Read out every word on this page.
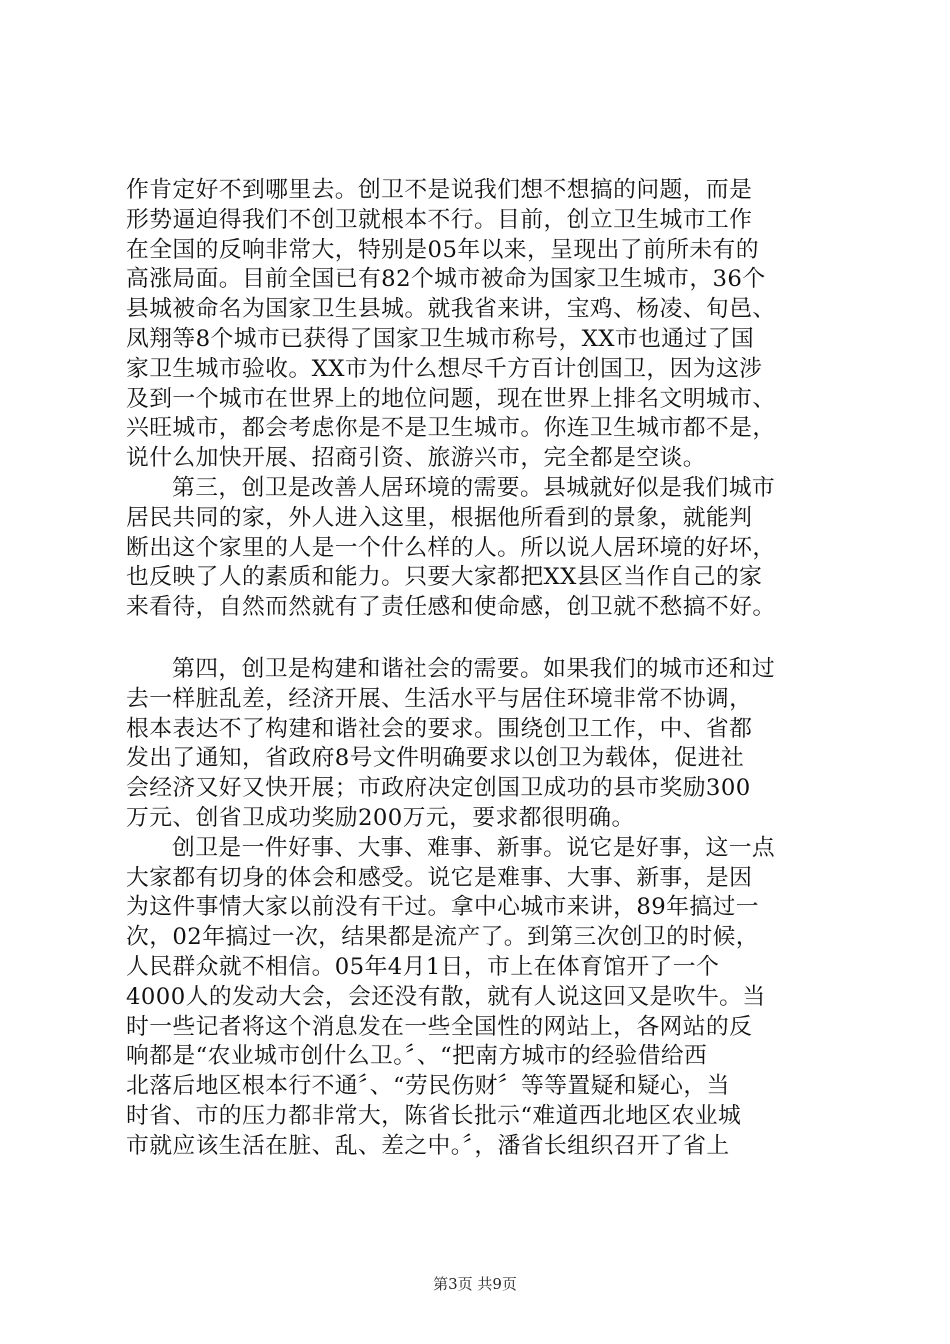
作肯定好不到哪里去。创卫不是说我们想不想搞的问题，而是
形势逼迫得我们不创卫就根本不行。目前，创立卫生城市工作
在全国的反响非常大，特别是05年以来，呈现出了前所未有的
高涨局面。目前全国已有82个城市被命为国家卫生城市，36个
县城被命名为国家卫生县城。就我省来讲，宝鸡、杨凌、旬邑、
凤翔等8个城市已获得了国家卫生城市称号，XX市也通过了国
家卫生城市验收。XX市为什么想尽千方百计创国卫，因为这涉
及到一个城市在世界上的地位问题，现在世界上排名文明城市、
兴旺城市，都会考虑你是不是卫生城市。你连卫生城市都不是，
说什么加快开展、招商引资、旅游兴市，完全都是空谈。
第三，创卫是改善人居环境的需要。县城就好似是我们城市
居民共同的家，外人进入这里，根据他所看到的景象，就能判
断出这个家里的人是一个什么样的人。所以说人居环境的好坏，
也反映了人的素质和能力。只要大家都把XX县区当作自己的家
来看待，自然而然就有了责任感和使命感，创卫就不愁搞不好。
第四，创卫是构建和谐社会的需要。如果我们的城市还和过
去一样脏乱差，经济开展、生活水平与居住环境非常不协调，
根本表达不了构建和谐社会的要求。围绕创卫工作，中、省都
发出了通知，省政府8号文件明确要求以创卫为载体，促进社
会经济又好又快开展；市政府决定创国卫成功的县市奖励300
万元、创省卫成功奖励200万元，要求都很明确。
创卫是一件好事、大事、难事、新事。说它是好事，这一点
大家都有切身的体会和感受。说它是难事、大事、新事，是因
为这件事情大家以前没有干过。拿中心城市来讲，89年搞过一
次，02年搞过一次，结果都是流产了。到第三次创卫的时候，
人民群众就不相信。05年4月1日，市上在体育馆开了一个
4000人的发动大会，会还没有散，就有人说这回又是吹牛。当
时一些记者将这个消息发在一些全国性的网站上，各网站的反
响都是“农业城市创什么卫。〞、“把南方城市的经验借给西
北落后地区根本行不通〞、“劳民伤财〞等等置疑和疑心，当
时省、市的压力都非常大，陈省长批示“难道西北地区农业城
市就应该生活在脏、乱、差之中。〞，潘省长组织召开了省上
第3页 共9页
